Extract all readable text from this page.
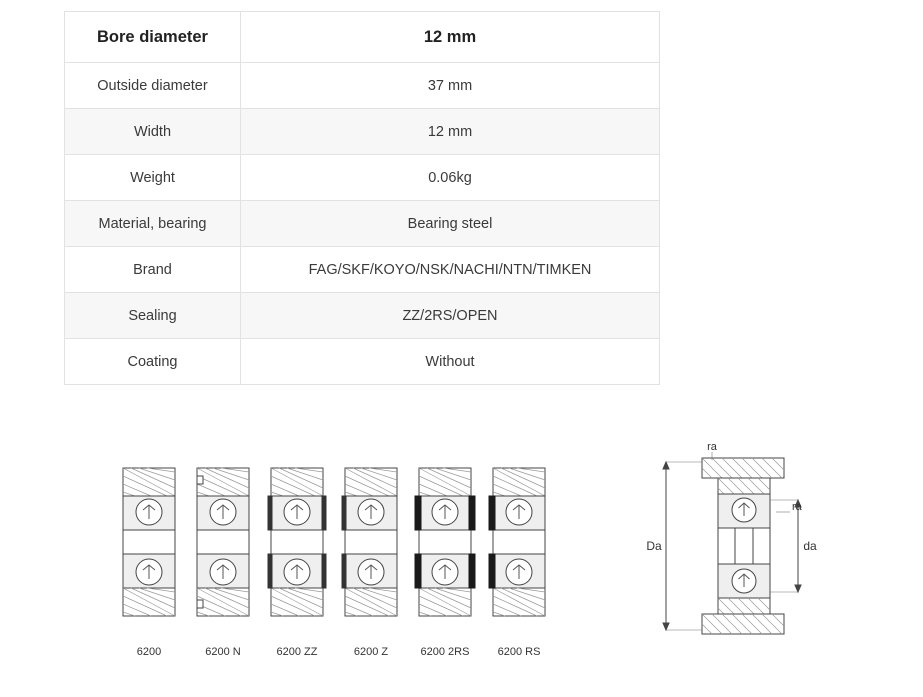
Bore diameter	12 mm
Outside diameter	37 mm
Width	12 mm
Weight	0.06kg
Material, bearing	Bearing steel
Brand	FAG/SKF/KOYO/NSK/NACHI/NTN/TIMKEN
Sealing	ZZ/2RS/OPEN
Coating	Without
6200	6200 N	6200 ZZ	6200 Z	6200 2RS	6200 RS
ra
ra
Da	da
